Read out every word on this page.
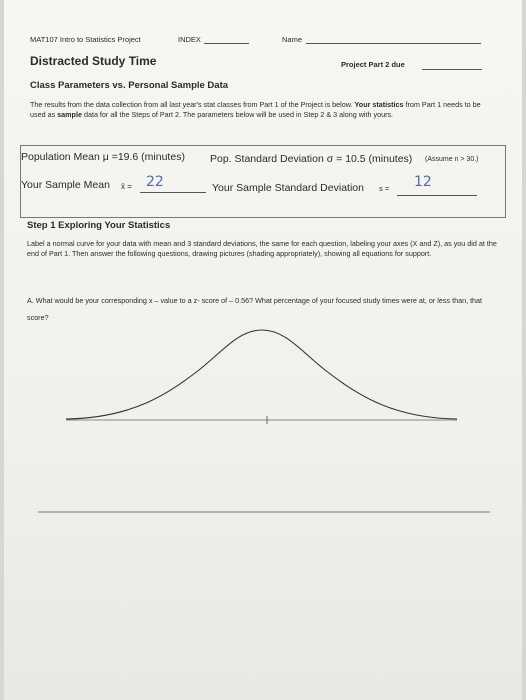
MAT107 Intro to Statistics Project	INDEX	Name
Distracted Study Time	Project Part 2 due
Class Parameters vs. Personal Sample Data
The results from the data collection from all last year's stat classes from Part 1 of the Project is below. Your statistics from Part 1 needs to be used as sample data for all the Steps of Part 2. The parameters below will be used in Step 2 & 3 along with yours.
Population Mean μ =19.6 (minutes) Pop. Standard Deviation σ = 10.5 (minutes) (Assume n > 30.)
Your Sample Mean x̄ = 22	Your Sample Standard Deviation s = 12
Step 1 Exploring Your Statistics
Label a normal curve for your data with mean and 3 standard deviations, the same for each question, labeling your axes (X and Z), as you did at the end of Part 1. Then answer the following questions, drawing pictures (shading appropriately), showing all equations for support.
A. What would be your corresponding x – value to a z- score of – 0.56? What percentage of your focused study times were at, or less than, that score?
